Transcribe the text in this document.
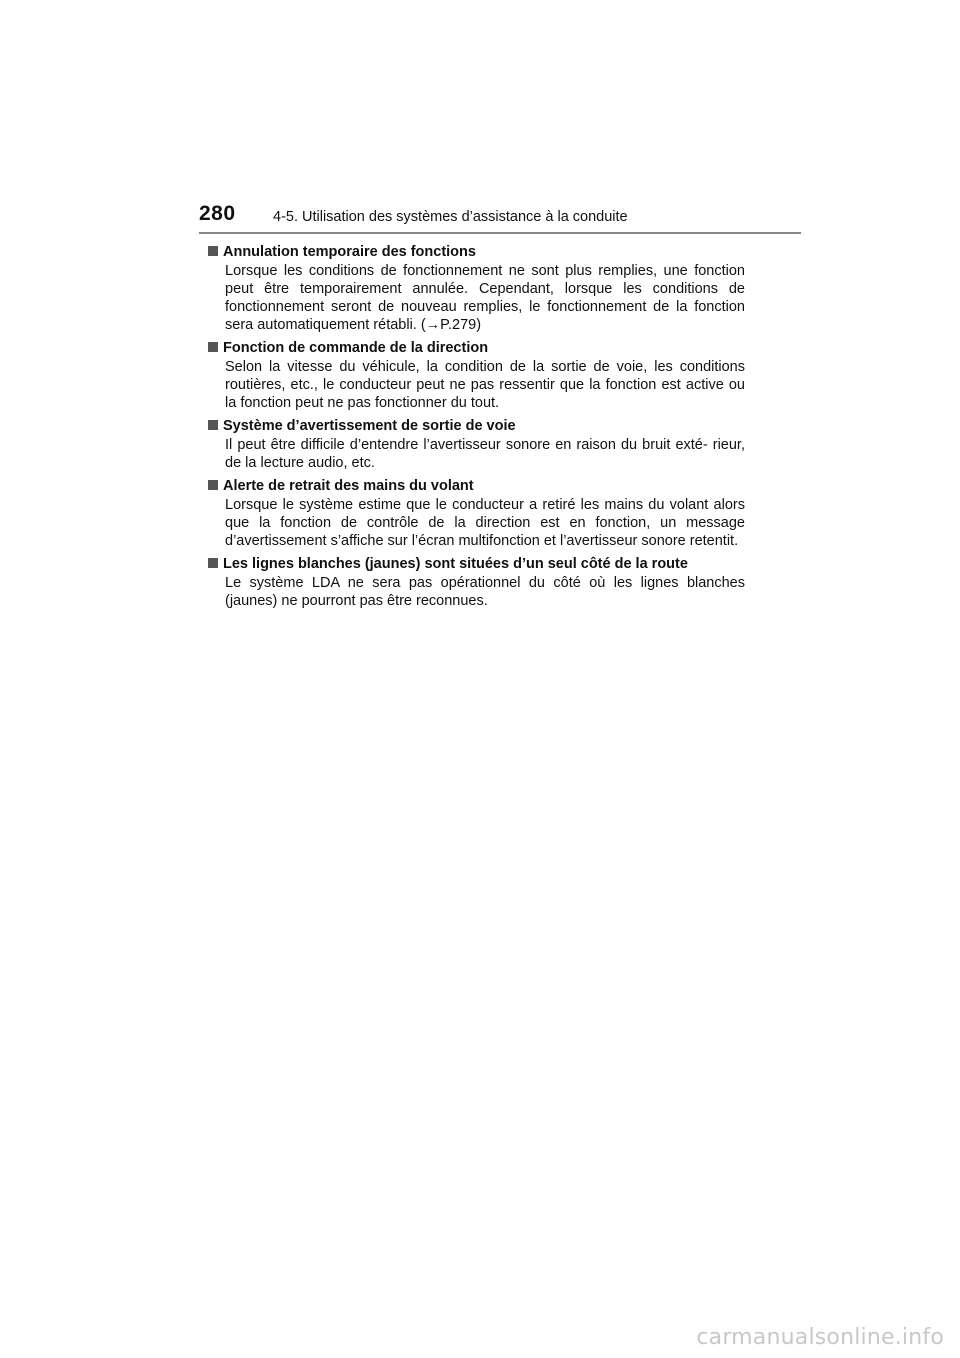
280	4-5. Utilisation des systèmes d’assistance à la conduite
Annulation temporaire des fonctions
Lorsque les conditions de fonctionnement ne sont plus remplies, une fonction peut être temporairement annulée. Cependant, lorsque les conditions de fonctionnement seront de nouveau remplies, le fonctionnement de la fonction sera automatiquement rétabli. (→P.279)
Fonction de commande de la direction
Selon la vitesse du véhicule, la condition de la sortie de voie, les conditions routières, etc., le conducteur peut ne pas ressentir que la fonction est active ou la fonction peut ne pas fonctionner du tout.
Système d’avertissement de sortie de voie
Il peut être difficile d’entendre l’avertisseur sonore en raison du bruit exté- rieur, de la lecture audio, etc.
Alerte de retrait des mains du volant
Lorsque le système estime que le conducteur a retiré les mains du volant alors que la fonction de contrôle de la direction est en fonction, un message d’avertissement s’affiche sur l’écran multifonction et l’avertisseur sonore retentit.
Les lignes blanches (jaunes) sont situées d’un seul côté de la route
Le système LDA ne sera pas opérationnel du côté où les lignes blanches (jaunes) ne pourront pas être reconnues.
carmanualsonline.info
